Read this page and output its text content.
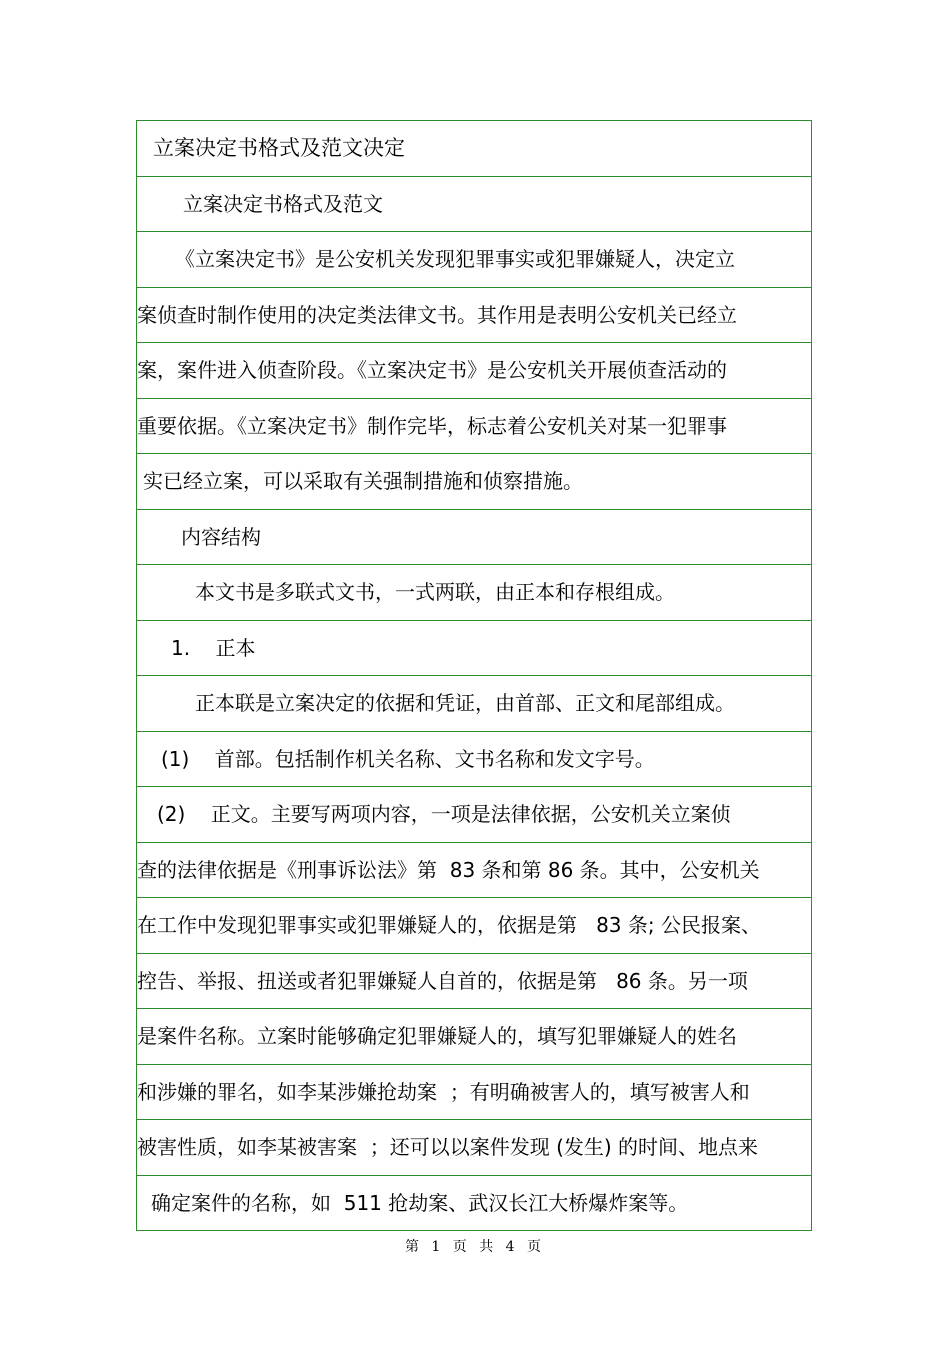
立案决定书格式及范文决定
立案决定书格式及范文
《立案决定书》是公安机关发现犯罪事实或犯罪嫌疑人，决定立
案侦查时制作使用的决定类法律文书。其作用是表明公安机关已经立
案，案件进入侦查阶段。《立案决定书》是公安机关开展侦查活动的
重要依据。《立案决定书》制作完毕，标志着公安机关对某一犯罪事
实已经立案，可以采取有关强制措施和侦察措施。
内容结构
本文书是多联式文书，一式两联，由正本和存根组成。
1.    正本
正本联是立案决定的依据和凭证，由首部、正文和尾部组成。
(1)    首部。包括制作机关名称、文书名称和发文字号。
(2)    正文。主要写两项内容，一项是法律依据，公安机关立案侦
查的法律依据是《刑事诉讼法》第  83 条和第 86 条。其中，公安机关
在工作中发现犯罪事实或犯罪嫌疑人的，依据是第   83 条; 公民报案、
控告、举报、扭送或者犯罪嫌疑人自首的，依据是第   86 条。另一项
是案件名称。立案时能够确定犯罪嫌疑人的，填写犯罪嫌疑人的姓名
和涉嫌的罪名，如李某涉嫌抢劫案  ；有明确被害人的，填写被害人和
被害性质，如李某被害案  ；还可以以案件发现 (发生) 的时间、地点来
确定案件的名称，如  511 抢劫案、武汉长江大桥爆炸案等。
第 1 页 共 4 页
